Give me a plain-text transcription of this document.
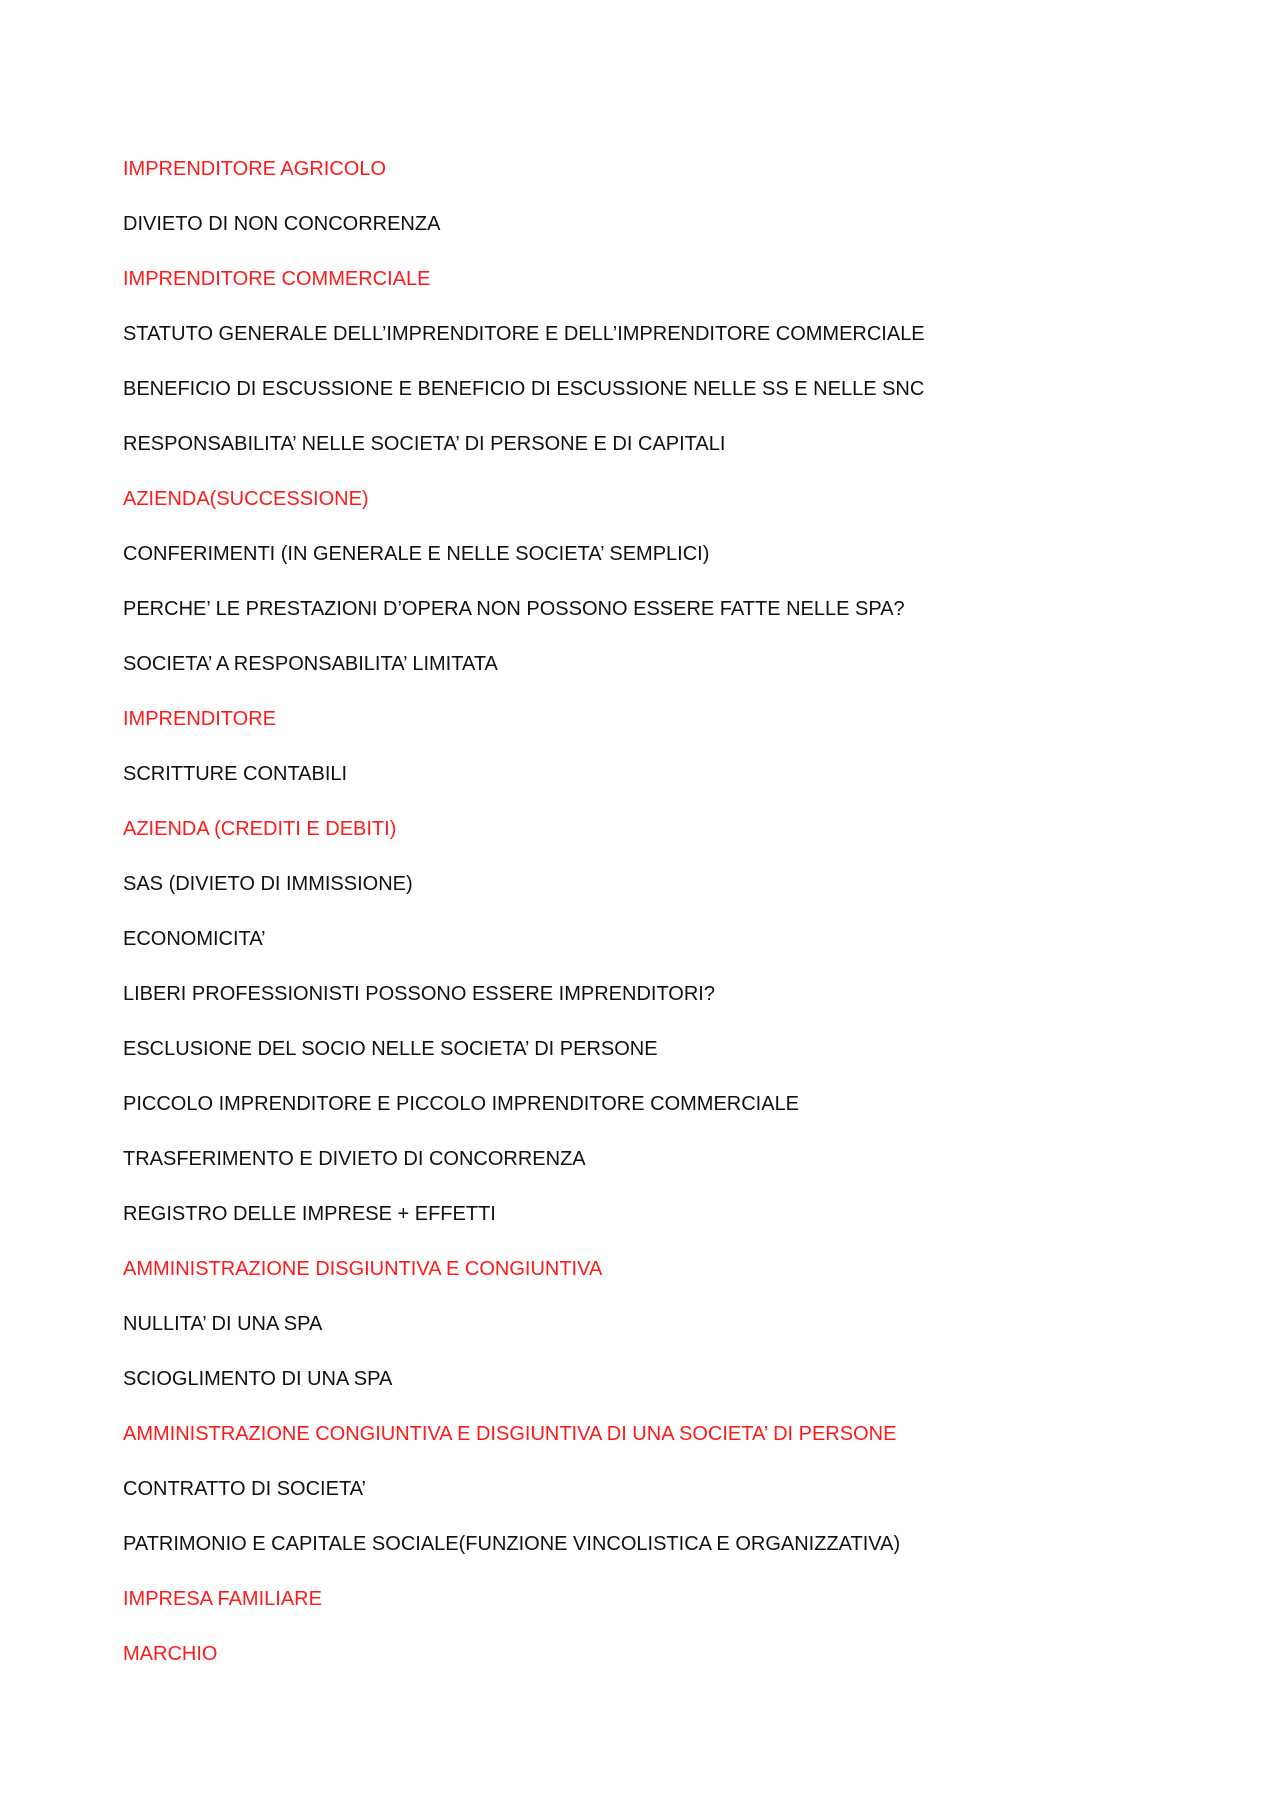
IMPRENDITORE AGRICOLO
DIVIETO DI NON CONCORRENZA
IMPRENDITORE COMMERCIALE
STATUTO GENERALE DELL’IMPRENDITORE E DELL’IMPRENDITORE COMMERCIALE
BENEFICIO DI ESCUSSIONE E BENEFICIO DI ESCUSSIONE NELLE SS E NELLE SNC
RESPONSABILITA’ NELLE SOCIETA’ DI PERSONE E DI CAPITALI
AZIENDA(SUCCESSIONE)
CONFERIMENTI (IN GENERALE E NELLE SOCIETA’ SEMPLICI)
PERCHE’ LE PRESTAZIONI D’OPERA NON POSSONO ESSERE FATTE NELLE SPA?
SOCIETA’ A RESPONSABILITA’ LIMITATA
IMPRENDITORE
SCRITTURE CONTABILI
AZIENDA (CREDITI E DEBITI)
SAS (DIVIETO DI IMMISSIONE)
ECONOMICITA’
LIBERI PROFESSIONISTI POSSONO ESSERE IMPRENDITORI?
ESCLUSIONE DEL SOCIO NELLE SOCIETA’ DI PERSONE
PICCOLO IMPRENDITORE E PICCOLO IMPRENDITORE COMMERCIALE
TRASFERIMENTO E DIVIETO DI CONCORRENZA
REGISTRO DELLE IMPRESE + EFFETTI
AMMINISTRAZIONE DISGIUNTIVA E CONGIUNTIVA
NULLITA’ DI UNA SPA
SCIOGLIMENTO DI UNA SPA
AMMINISTRAZIONE CONGIUNTIVA E DISGIUNTIVA DI UNA SOCIETA’ DI PERSONE
CONTRATTO DI SOCIETA’
PATRIMONIO E CAPITALE SOCIALE(FUNZIONE VINCOLISTICA E ORGANIZZATIVA)
IMPRESA FAMILIARE
MARCHIO
